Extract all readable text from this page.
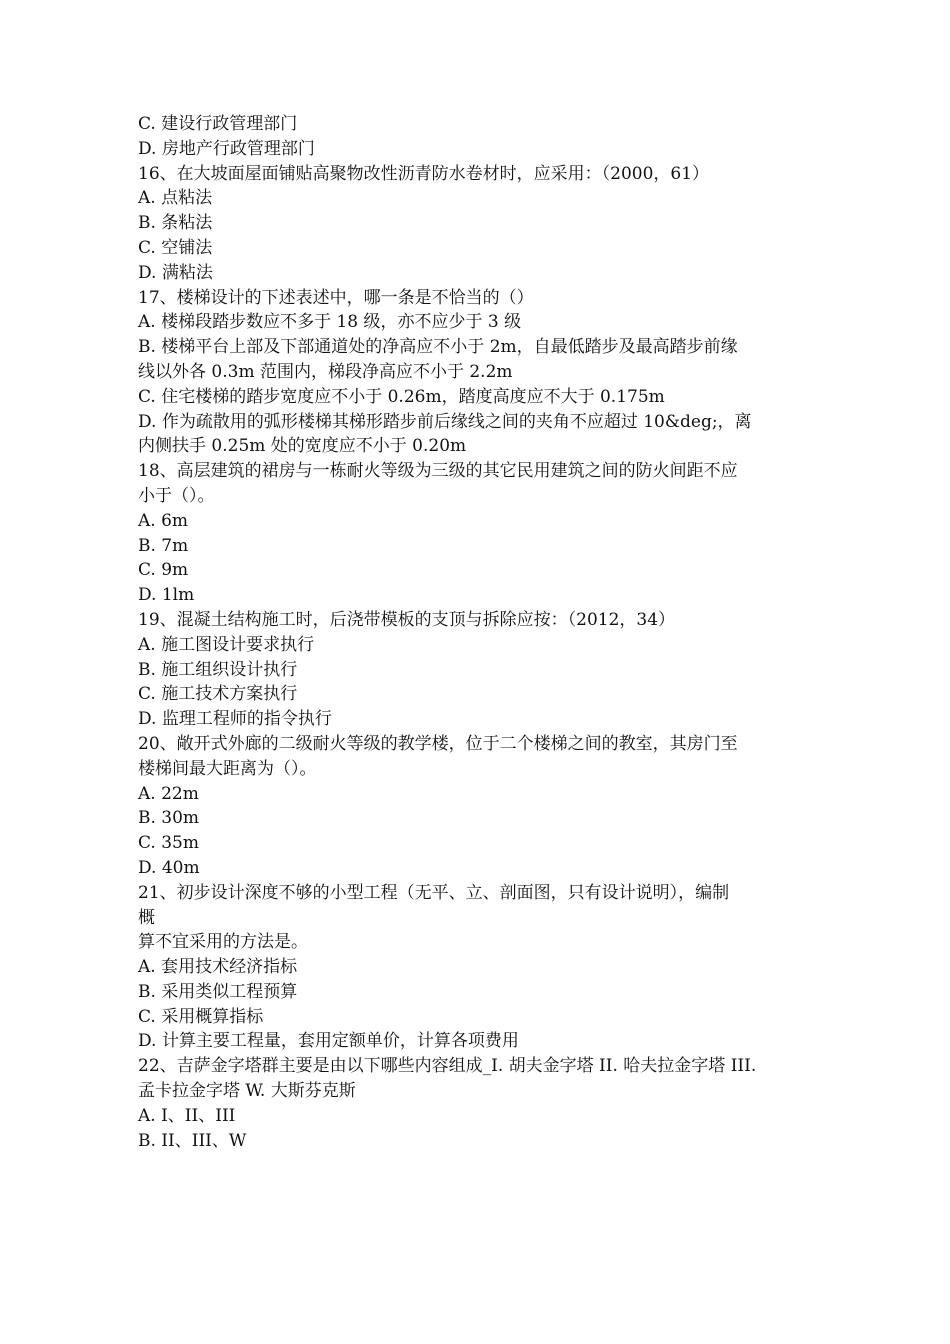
C. 建设行政管理部门
D. 房地产行政管理部门
16、在大坡面屋面铺贴高聚物改性沥青防水卷材时，应采用：（2000，61）
A. 点粘法
B. 条粘法
C. 空铺法
D. 满粘法
17、楼梯设计的下述表述中，哪一条是不恰当的（）
A. 楼梯段踏步数应不多于 18 级，亦不应少于 3 级
B. 楼梯平台上部及下部通道处的净高应不小于 2m，自最低踏步及最高踏步前缘
线以外各 0.3m 范围内，梯段净高应不小于 2.2m
C. 住宅楼梯的踏步宽度应不小于 0.26m，踏度高度应不大于 0.175m
D. 作为疏散用的弧形楼梯其梯形踏步前后缘线之间的夹角不应超过 10&deg;，离
内侧扶手 0.25m 处的宽度应不小于 0.20m
18、高层建筑的裙房与一栋耐火等级为三级的其它民用建筑之间的防火间距不应
小于（）。
A. 6m
B. 7m
C. 9m
D. 1lm
19、混凝土结构施工时，后浇带模板的支顶与拆除应按：（2012，34）
A. 施工图设计要求执行
B. 施工组织设计执行
C. 施工技术方案执行
D. 监理工程师的指令执行
20、敞开式外廊的二级耐火等级的教学楼，位于二个楼梯之间的教室，其房门至
楼梯间最大距离为（）。
A. 22m
B. 30m
C. 35m
D. 40m
21、初步设计深度不够的小型工程（无平、立、剖面图，只有设计说明），编制
概
算不宜采用的方法是。
A. 套用技术经济指标
B. 采用类似工程预算
C. 采用概算指标
D. 计算主要工程量，套用定额单价，计算各项费用
22、吉萨金字塔群主要是由以下哪些内容组成_I. 胡夫金字塔 II. 哈夫拉金字塔 III.
孟卡拉金字塔 W. 大斯芬克斯
A. I、II、III
B. II、III、W
